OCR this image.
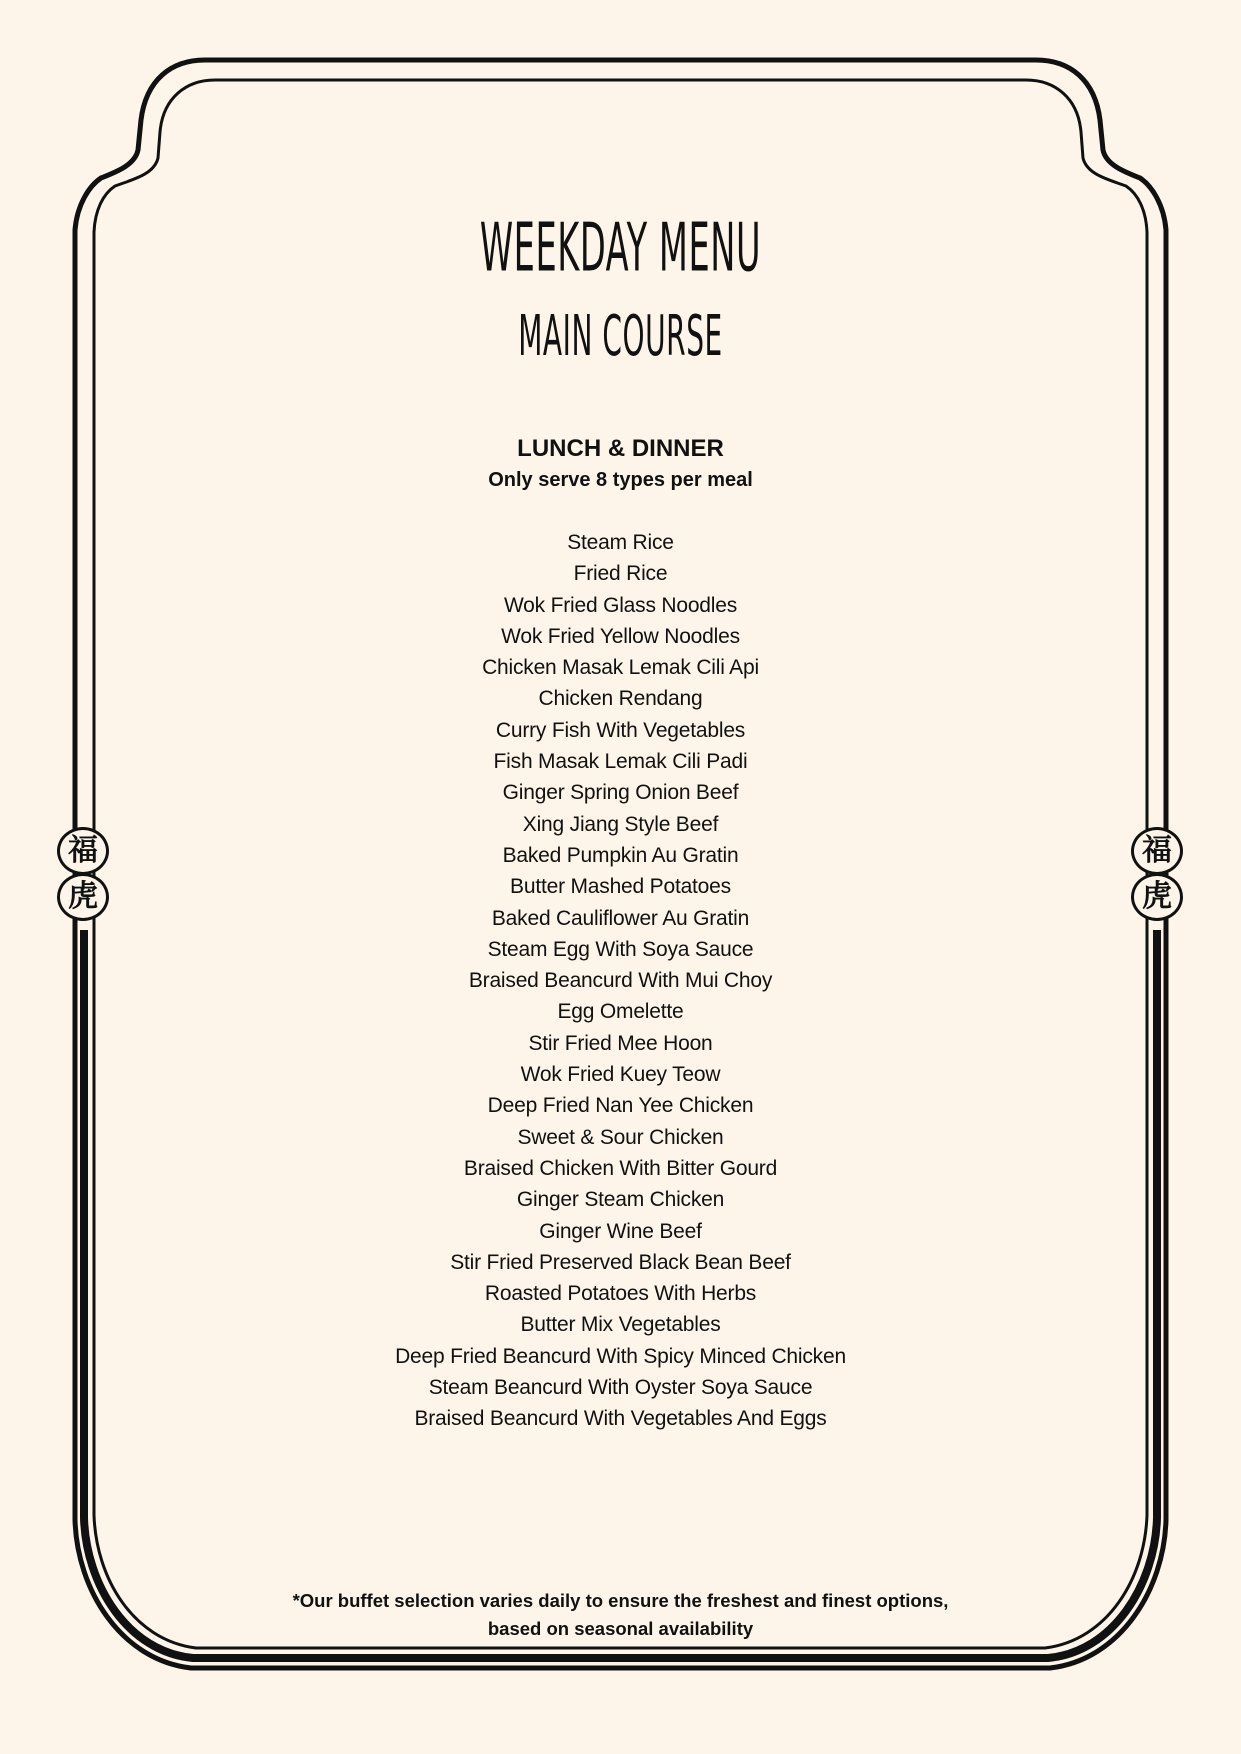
福
虎
福
虎
WEEKDAY MENU
MAIN COURSE
LUNCH & DINNER
Only serve 8 types per meal
Steam Rice
Fried Rice
Wok Fried Glass Noodles
Wok Fried Yellow Noodles
Chicken Masak Lemak Cili Api
Chicken Rendang
Curry Fish With Vegetables
Fish Masak Lemak Cili Padi
Ginger Spring Onion Beef
Xing Jiang Style Beef
Baked Pumpkin Au Gratin
Butter Mashed Potatoes
Baked Cauliflower Au Gratin
Steam Egg With Soya Sauce
Braised Beancurd With Mui Choy
Egg Omelette
Stir Fried Mee Hoon
Wok Fried Kuey Teow
Deep Fried Nan Yee Chicken
Sweet & Sour Chicken
Braised Chicken With Bitter Gourd
Ginger Steam Chicken
Ginger Wine Beef
Stir Fried Preserved Black Bean Beef
Roasted Potatoes With Herbs
Butter Mix Vegetables
Deep Fried Beancurd With Spicy Minced Chicken
Steam Beancurd With Oyster Soya Sauce
Braised Beancurd With Vegetables And Eggs
*Our buffet selection varies daily to ensure the freshest and finest options,
based on seasonal availability
